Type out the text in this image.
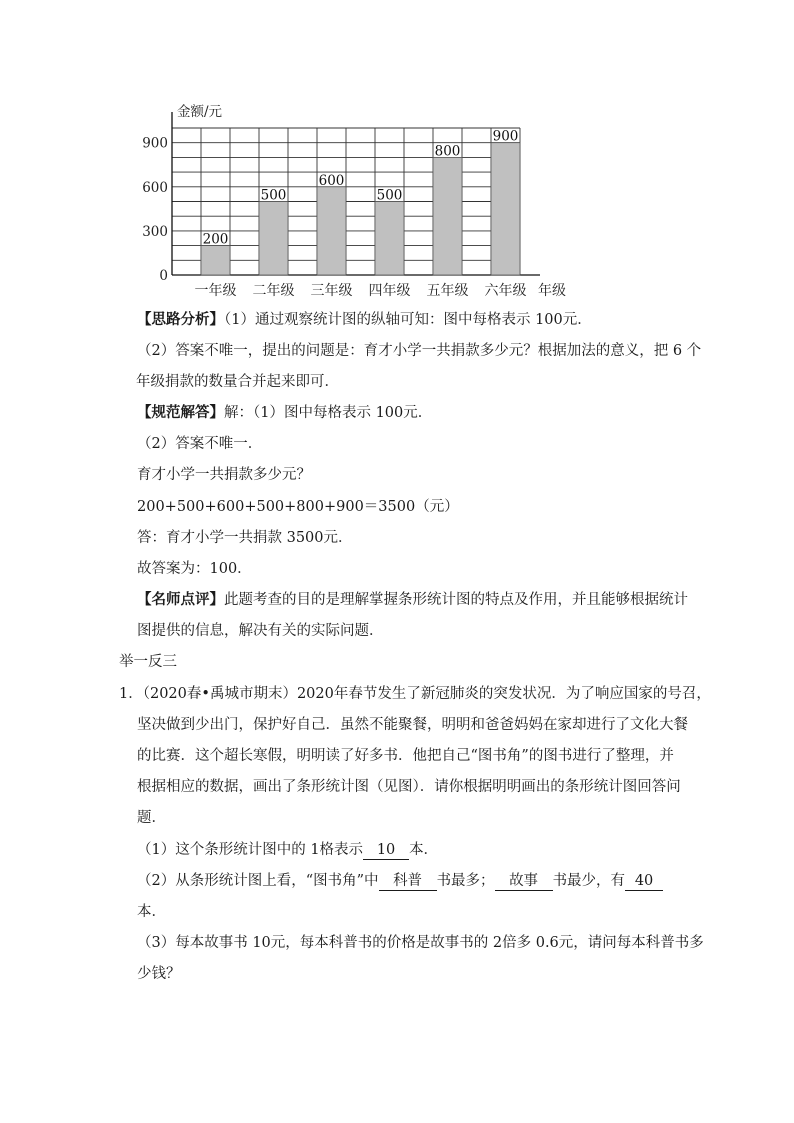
金额/元
年级
0
300
600
900
200
一年级
500
二年级
600
三年级
500
四年级
800
五年级
900
六年级
【思路分析】（1）通过观察统计图的纵轴可知：图中每格表示 100元．
（2）答案不唯一，提出的问题是：育才小学一共捐款多少元？根据加法的意义，把 6 个
年级捐款的数量合并起来即可．
【规范解答】解：（1）图中每格表示 100元．
（2）答案不唯一．
育才小学一共捐款多少元？
200+500+600+500+800+900＝3500（元）
答：育才小学一共捐款 3500元．
故答案为：100．
【名师点评】此题考查的目的是理解掌握条形统计图的特点及作用，并且能够根据统计
图提供的信息，解决有关的实际问题．
举一反三
1．（2020春•禹城市期末）2020年春节发生了新冠肺炎的突发状况．为了响应国家的号召，
坚决做到少出门，保护好自己．虽然不能聚餐，明明和爸爸妈妈在家却进行了文化大餐
的比赛．这个超长寒假，明明读了好多书．他把自己“图书角”的图书进行了整理，并
根据相应的数据，画出了条形统计图（见图）．请你根据明明画出的条形统计图回答问
题．
（1）这个条形统计图中的 1格表示 10 本．
（2）从条形统计图上看，“图书角”中 科普 书最多； 故事 书最少，有 40
本．
（3）每本故事书 10元，每本科普书的价格是故事书的 2倍多 0.6元，请问每本科普书多
少钱？
